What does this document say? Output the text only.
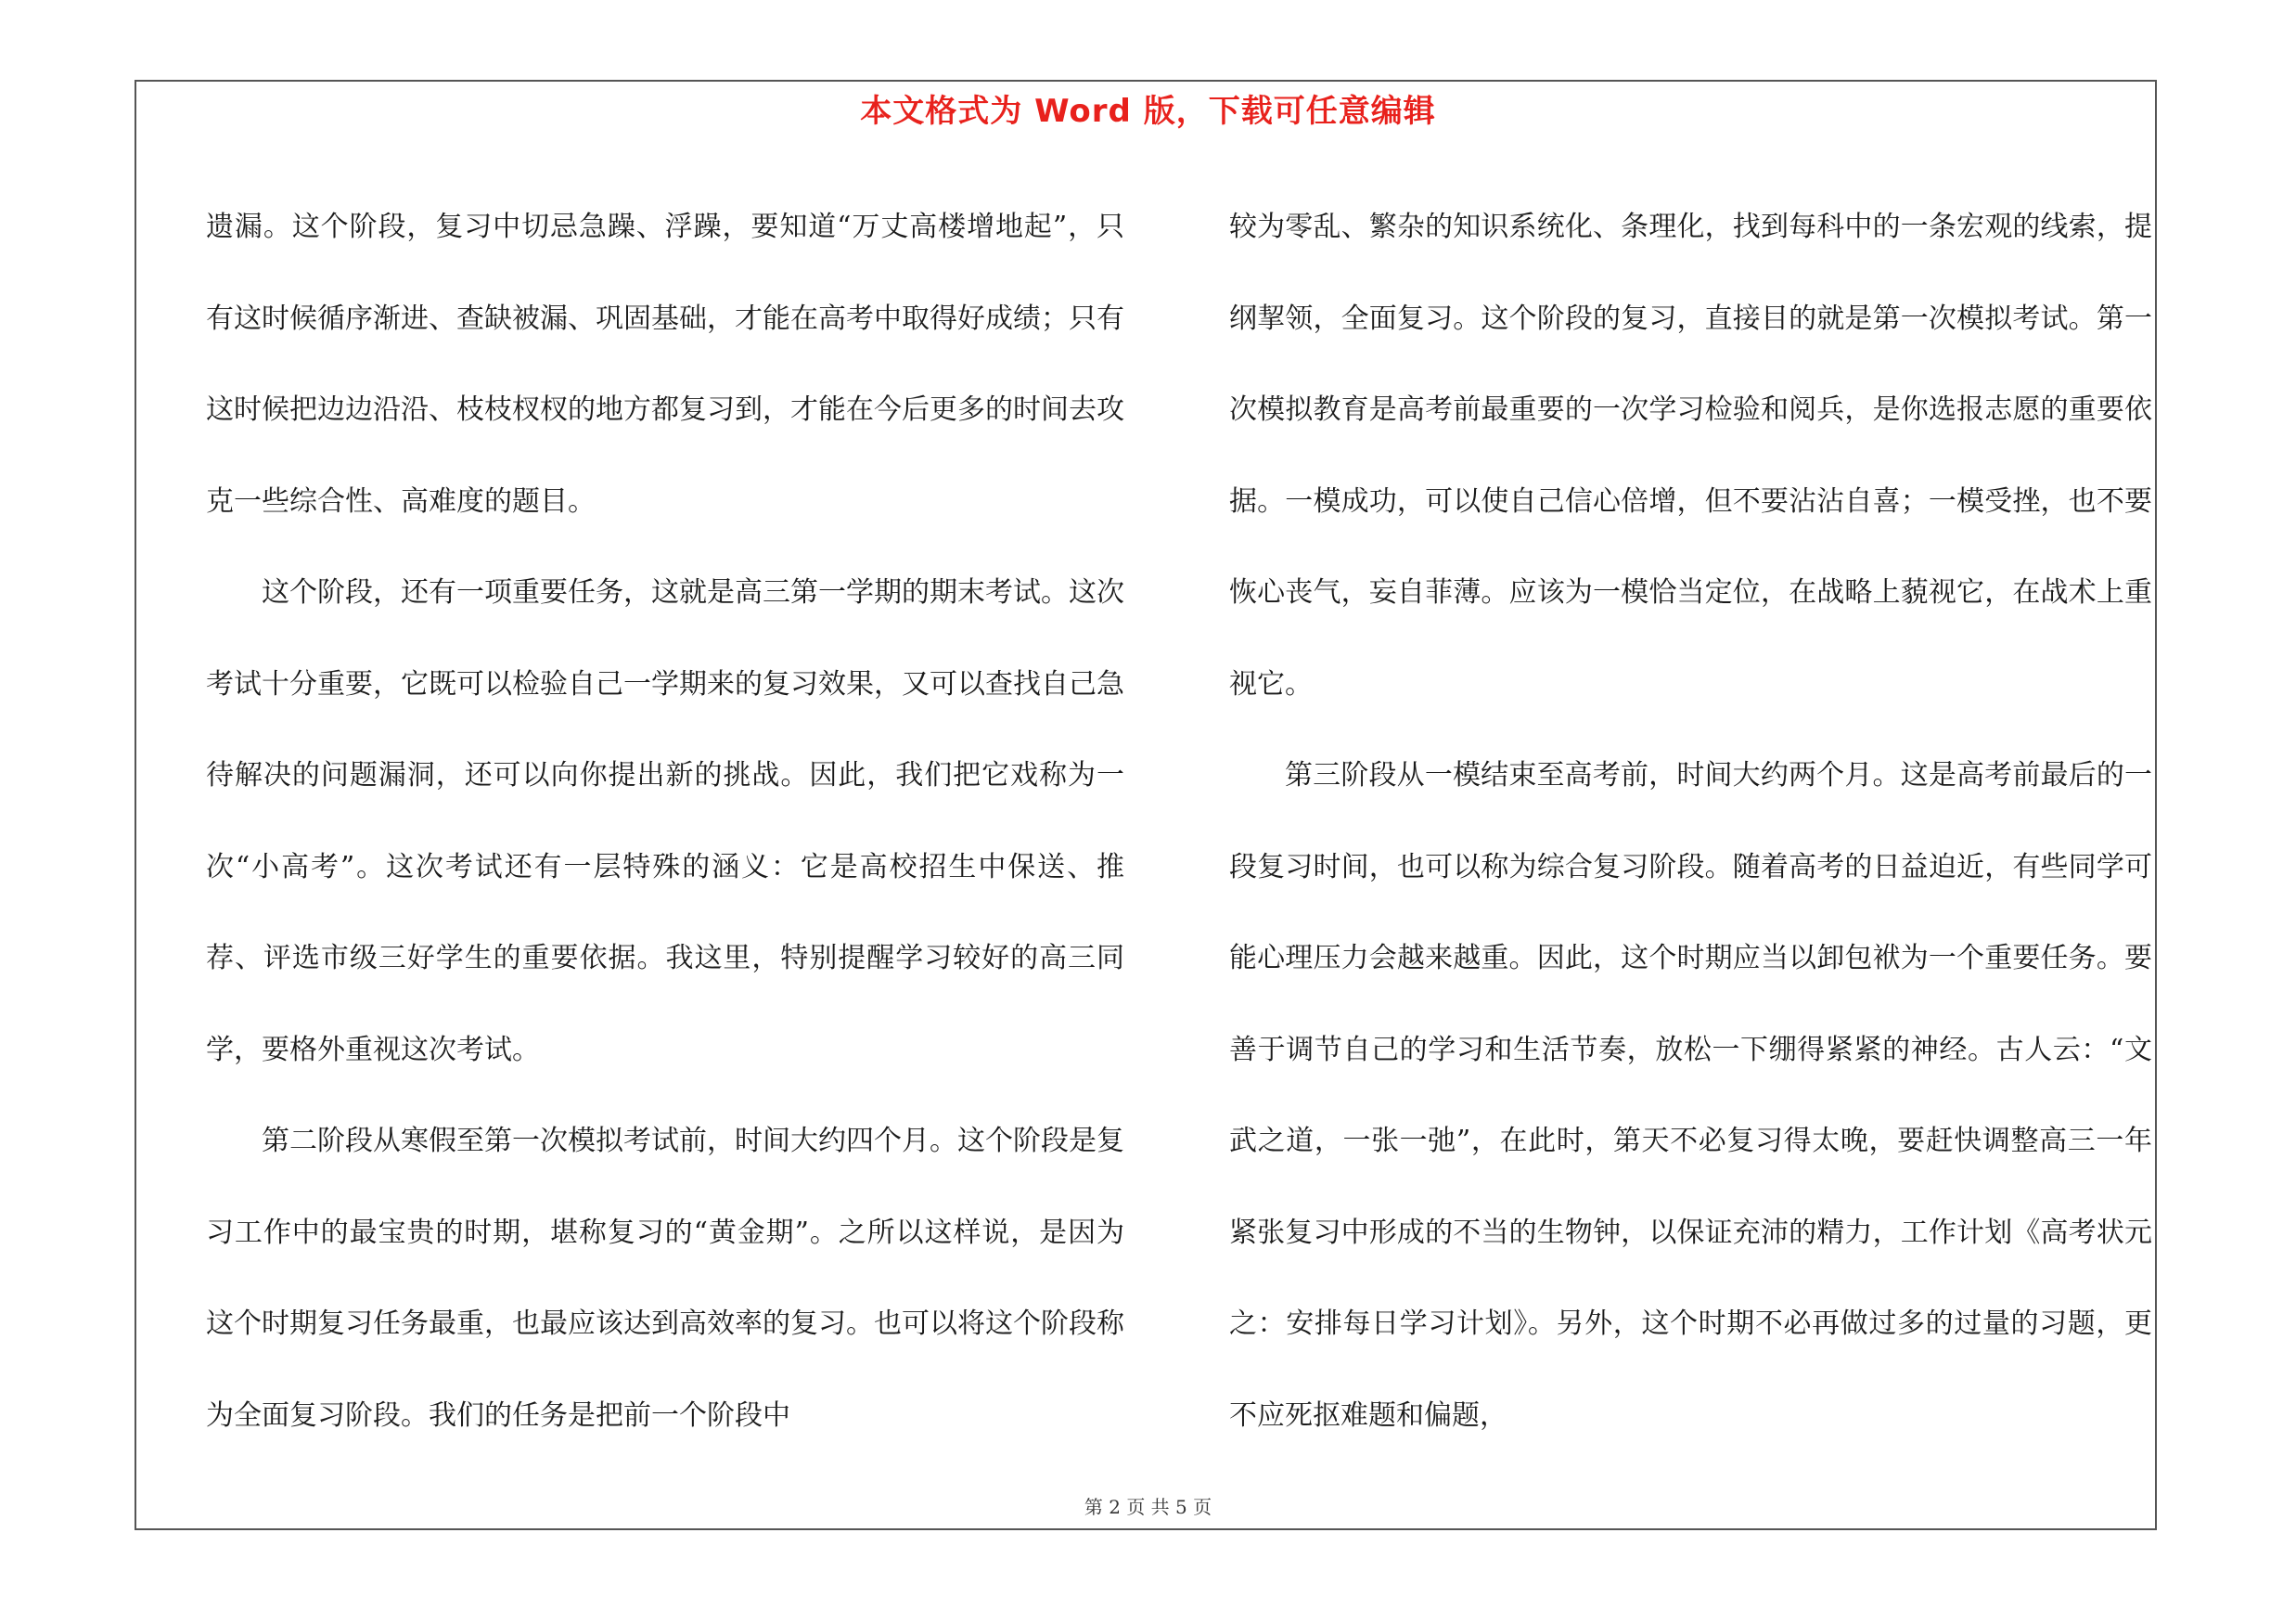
本文格式为 Word 版，下载可任意编辑

遗漏。这个阶段，复习中切忌急躁、浮躁，要知道“万丈高楼增地起”，只有这时候循序渐进、查缺被漏、巩固基础，才能在高考中取得好成绩；只有这时候把边边沿沿、枝枝杈杈的地方都复习到，才能在今后更多的时间去攻克一些综合性、高难度的题目。

这个阶段，还有一项重要任务，这就是高三第一学期的期末考试。这次考试十分重要，它既可以检验自己一学期来的复习效果，又可以查找自己急待解决的问题漏洞，还可以向你提出新的挑战。因此，我们把它戏称为一次“小高考”。这次考试还有一层特殊的涵义：它是高校招生中保送、推荐、评选市级三好学生的重要依据。我这里，特别提醒学习较好的高三同学，要格外重视这次考试。

第二阶段从寒假至第一次模拟考试前，时间大约四个月。这个阶段是复习工作中的最宝贵的时期，堪称复习的“黄金期”。之所以这样说，是因为这个时期复习任务最重，也最应该达到高效率的复习。也可以将这个阶段称为全面复习阶段。我们的任务是把前一个阶段中

较为零乱、繁杂的知识系统化、条理化，找到每科中的一条宏观的线索，提纲挈领，全面复习。这个阶段的复习，直接目的就是第一次模拟考试。第一次模拟教育是高考前最重要的一次学习检验和阅兵，是你选报志愿的重要依据。一模成功，可以使自己信心倍增，但不要沾沾自喜；一模受挫，也不要恢心丧气，妄自菲薄。应该为一模恰当定位，在战略上藐视它，在战术上重视它。

第三阶段从一模结束至高考前，时间大约两个月。这是高考前最后的一段复习时间，也可以称为综合复习阶段。随着高考的日益迫近，有些同学可能心理压力会越来越重。因此，这个时期应当以卸包袱为一个重要任务。要善于调节自己的学习和生活节奏，放松一下绷得紧紧的神经。古人云：“文武之道，一张一弛”，在此时，第天不必复习得太晚，要赶快调整高三一年紧张复习中形成的不当的生物钟，以保证充沛的精力，工作计划《高考状元之：安排每日学习计划》。另外，这个时期不必再做过多的过量的习题，更不应死抠难题和偏题，

第 2 页 共 5 页
